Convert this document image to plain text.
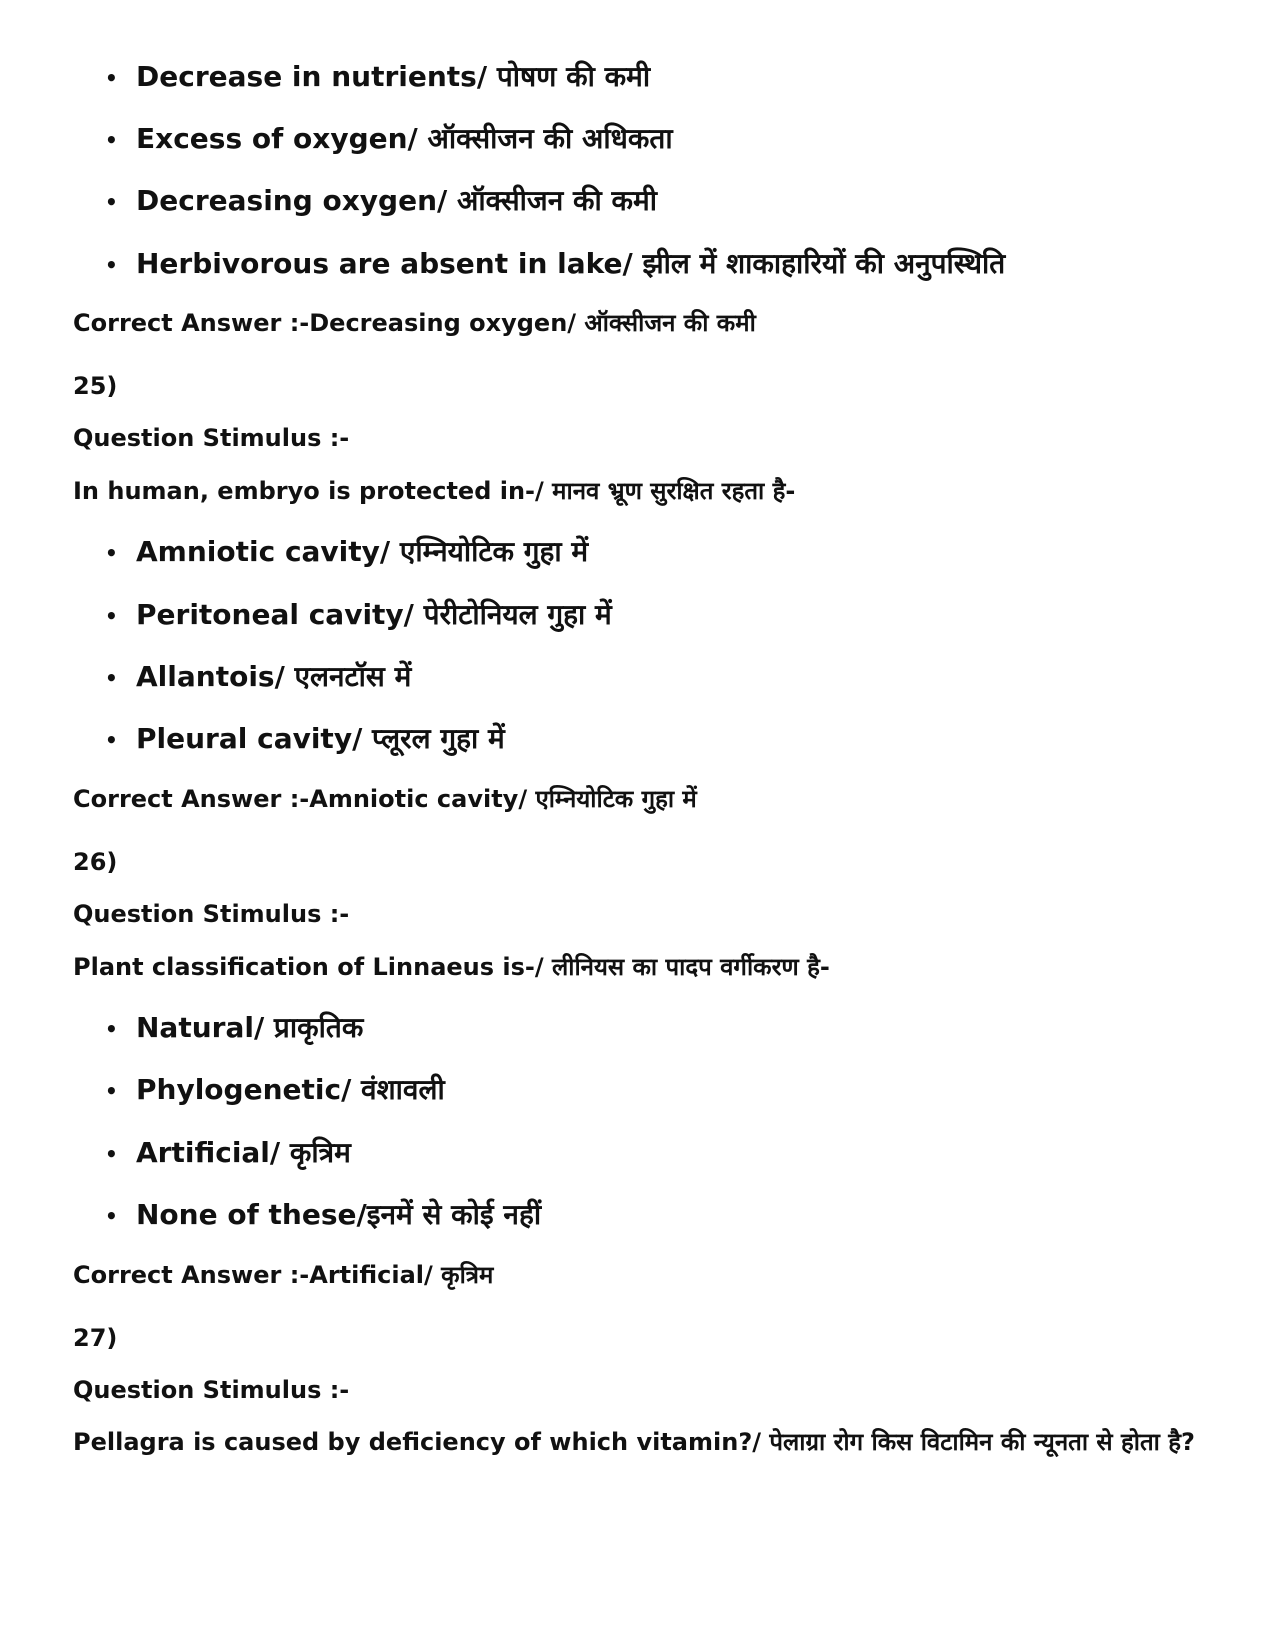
• Decrease in nutrients/ पोषण की कमी
• Excess of oxygen/ ऑक्सीजन की अधिकता
• Decreasing oxygen/ ऑक्सीजन की कमी
• Herbivorous are absent in lake/ झील में शाकाहारियों की अनुपस्थिति
Correct Answer :-Decreasing oxygen/ ऑक्सीजन की कमी
25)
Question Stimulus :-
In human, embryo is protected in-/ मानव भ्रूण सुरक्षित रहता है-
• Amniotic cavity/ एम्नियोटिक गुहा में
• Peritoneal cavity/ पेरीटोनियल गुहा में
• Allantois/ एलनटॉस में
• Pleural cavity/ प्लूरल गुहा में
Correct Answer :-Amniotic cavity/ एम्नियोटिक गुहा में
26)
Question Stimulus :-
Plant classification of Linnaeus is-/ लीनियस का पादप वर्गीकरण है-
• Natural/ प्राकृतिक
• Phylogenetic/ वंशावली
• Artificial/ कृत्रिम
• None of these/इनमें से कोई नहीं
Correct Answer :-Artificial/ कृत्रिम
27)
Question Stimulus :-
Pellagra is caused by deficiency of which vitamin?/ पेलाग्रा रोग किस विटामिन की न्यूनता से होता है?
